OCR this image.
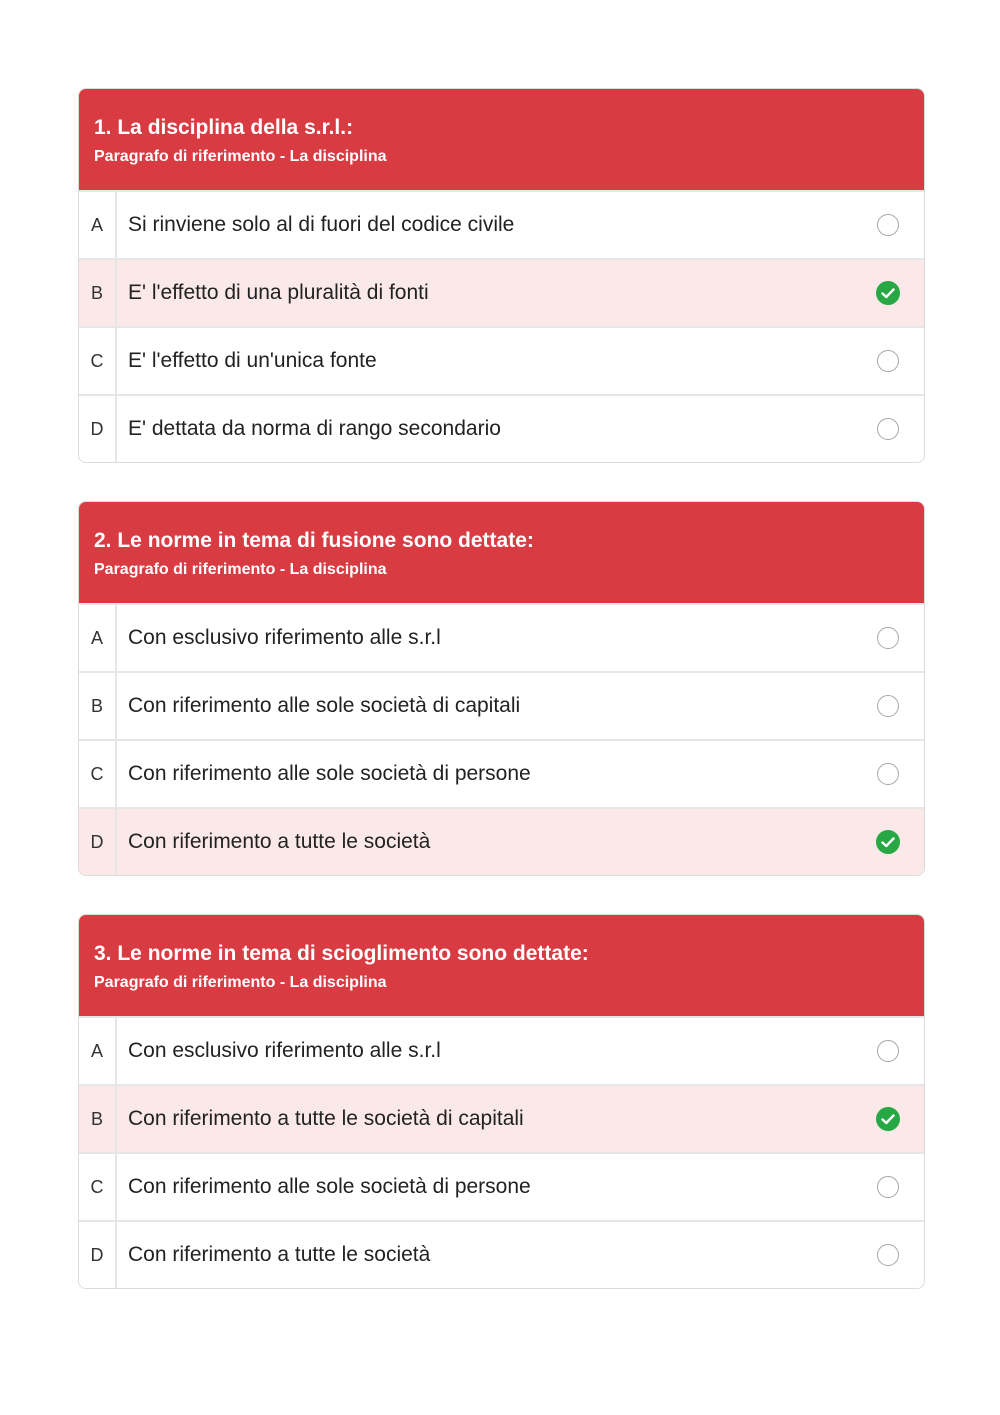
1. La disciplina della s.r.l.:
Paragrafo di riferimento - La disciplina
A	Si rinviene solo al di fuori del codice civile
B	E' l'effetto di una pluralità di fonti
C	E' l'effetto di un'unica fonte
D	E' dettata da norma di rango secondario
2. Le norme in tema di fusione sono dettate:
Paragrafo di riferimento - La disciplina
A	Con esclusivo riferimento alle s.r.l
B	Con riferimento alle sole società di capitali
C	Con riferimento alle sole società di persone
D	Con riferimento a tutte le società
3. Le norme in tema di scioglimento sono dettate:
Paragrafo di riferimento - La disciplina
A	Con esclusivo riferimento alle s.r.l
B	Con riferimento a tutte le società di capitali
C	Con riferimento alle sole società di persone
D	Con riferimento a tutte le società
